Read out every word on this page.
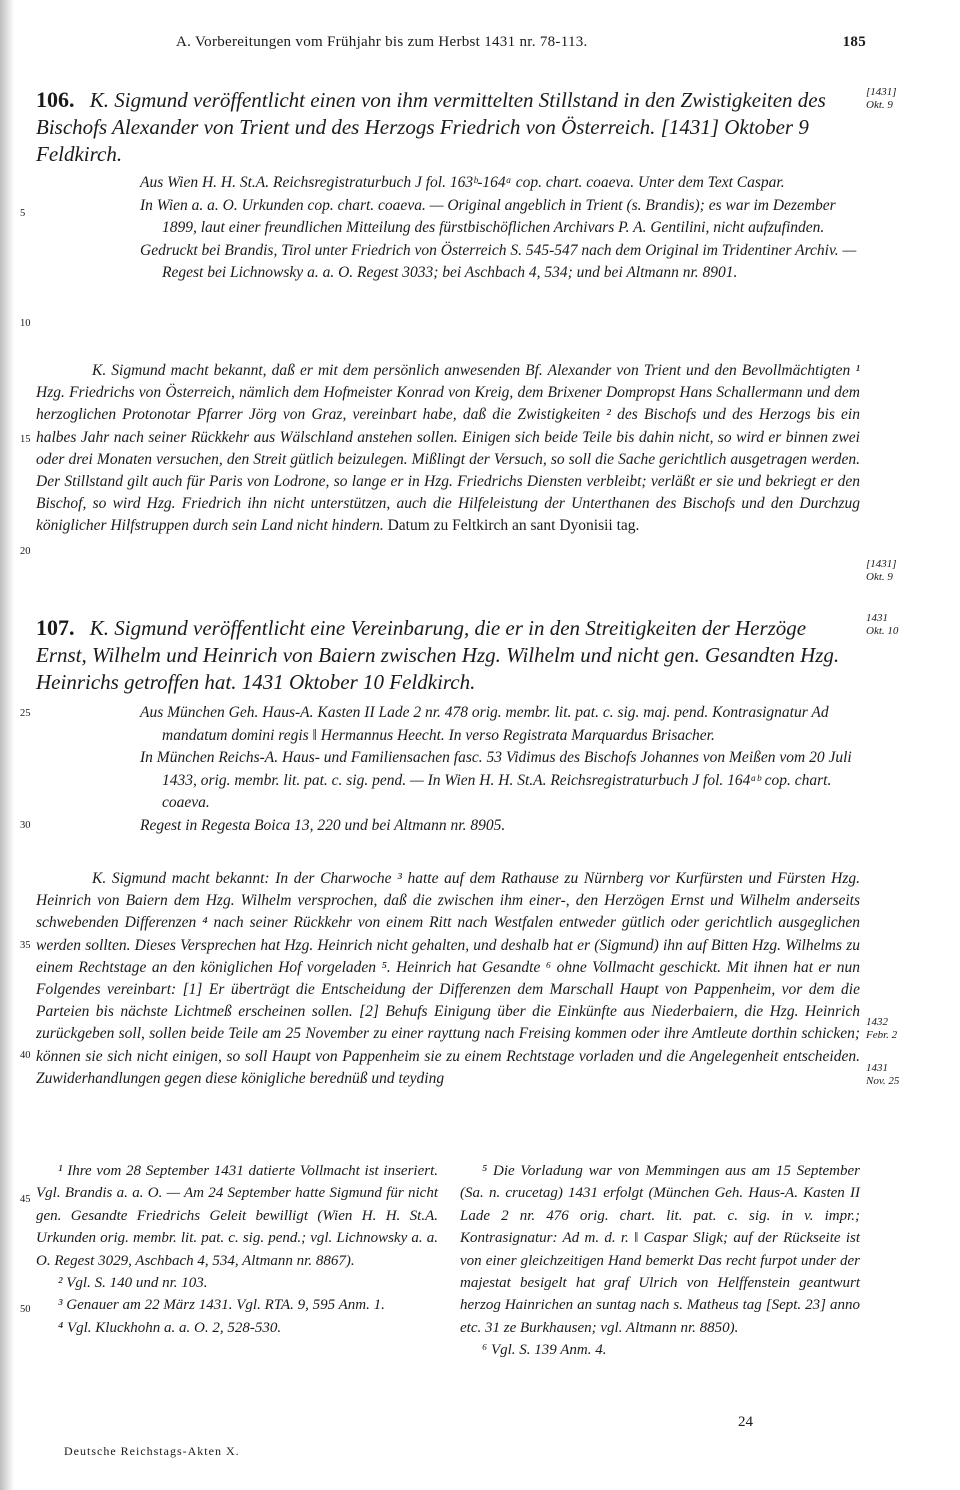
A. Vorbereitungen vom Frühjahr bis zum Herbst 1431 nr. 78-113.	185
106. K. Sigmund veröffentlicht einen von ihm vermittelten Stillstand in den Zwistigkeiten des Bischofs Alexander von Trient und des Herzogs Friedrich von Österreich. [1431] Oktober 9 Feldkirch.
[1431]
Okt. 9

Aus Wien H. H. St.A. Reichsregistraturbuch J fol. 163ᵇ-164ᵃ cop. chart. coaeva. Unter dem Text Caspar.

In Wien a. a. O. Urkunden cop. chart. coaeva. — Original angeblich in Trient (s. Brandis); es war im Dezember 1899, laut einer freundlichen Mitteilung des fürstbischöflichen Archivars P. A. Gentilini, nicht aufzufinden.

Gedruckt bei Brandis, Tirol unter Friedrich von Österreich S. 545-547 nach dem Original im Tridentiner Archiv. — Regest bei Lichnowsky a. a. O. Regest 3033; bei Aschbach 4, 534; und bei Altmann nr. 8901.

K. Sigmund macht bekannt, daß er mit dem persönlich anwesenden Bf. Alexander von Trient und den Bevollmächtigten ¹ Hzg. Friedrichs von Österreich, nämlich dem Hofmeister Konrad von Kreig, dem Brixener Dompropst Hans Schallermann und dem herzoglichen Protonotar Pfarrer Jörg von Graz, vereinbart habe, daß die Zwistigkeiten ² des Bischofs und des Herzogs bis ein halbes Jahr nach seiner Rückkehr aus Wälschland anstehen sollen. Einigen sich beide Teile bis dahin nicht, so wird er binnen zwei oder drei Monaten versuchen, den Streit gütlich beizulegen. Mißlingt der Versuch, so soll die Sache gerichtlich ausgetragen werden. Der Stillstand gilt auch für Paris von Lodrone, so lange er in Hzg. Friedrichs Diensten verbleibt; verläßt er sie und bekriegt er den Bischof, so wird Hzg. Friedrich ihn nicht unterstützen, auch die Hilfeleistung der Unterthanen des Bischofs und den Durchzug königlicher Hilfstruppen durch sein Land nicht hindern. Datum zu Feltkirch an sant Dyonisii tag.

[1431]
Okt. 9
107. K. Sigmund veröffentlicht eine Vereinbarung, die er in den Streitigkeiten der Herzöge Ernst, Wilhelm und Heinrich von Baiern zwischen Hzg. Wilhelm und nicht gen. Gesandten Hzg. Heinrichs getroffen hat. 1431 Oktober 10 Feldkirch.
1431
Okt. 10

Aus München Geh. Haus-A. Kasten II Lade 2 nr. 478 orig. membr. lit. pat. c. sig. maj. pend. Kontrasignatur Ad mandatum domini regis ‖ Hermannus Heecht. In verso Registrata Marquardus Brisacher.

In München Reichs-A. Haus- und Familiensachen fasc. 53 Vidimus des Bischofs Johannes von Meißen vom 20 Juli 1433, orig. membr. lit. pat. c. sig. pend. — In Wien H. H. St.A. Reichsregistraturbuch J fol. 164ᵃᵇ cop. chart. coaeva.

Regest in Regesta Boica 13, 220 und bei Altmann nr. 8905.

K. Sigmund macht bekannt: In der Charwoche ³ hatte auf dem Rathause zu Nürnberg vor Kurfürsten und Fürsten Hzg. Heinrich von Baiern dem Hzg. Wilhelm versprochen, daß die zwischen ihm einer-, den Herzögen Ernst und Wilhelm anderseits schwebenden Differenzen ⁴ nach seiner Rückkehr von einem Ritt nach Westfalen entweder gütlich oder gerichtlich ausgeglichen werden sollten. Dieses Versprechen hat Hzg. Heinrich nicht gehalten, und deshalb hat er (Sigmund) ihn auf Bitten Hzg. Wilhelms zu einem Rechtstage an den königlichen Hof vorgeladen ⁵. Heinrich hat Gesandte ⁶ ohne Vollmacht geschickt. Mit ihnen hat er nun Folgendes vereinbart: [1] Er überträgt die Entscheidung der Differenzen dem Marschall Haupt von Pappenheim, vor dem die Parteien bis nächste Lichtmeß erscheinen sollen. [2] Behufs Einigung über die Einkünfte aus Niederbaiern, die Hzg. Heinrich zurückgeben soll, sollen beide Teile am 25 November zu einer rayttung nach Freising kommen oder ihre Amtleute dorthin schicken; können sie sich nicht einigen, so soll Haupt von Pappenheim sie zu einem Rechtstage vorladen und die Angelegenheit entscheiden. Zuwiderhandlungen gegen diese königliche berednüß und teyding

1432
Febr. 2
1431
Nov. 25
5
10
15
20
25
30
35
40
45
50

¹ Ihre vom 28 September 1431 datierte Vollmacht ist inseriert. Vgl. Brandis a. a. O. — Am 24 September hatte Sigmund für nicht gen. Gesandte Friedrichs Geleit bewilligt (Wien H. H. St.A. Urkunden orig. membr. lit. pat. c. sig. pend.; vgl. Lichnowsky a. a. O. Regest 3029, Aschbach 4, 534, Altmann nr. 8867).

² Vgl. S. 140 und nr. 103.

³ Genauer am 22 März 1431. Vgl. RTA. 9, 595 Anm. 1.

⁴ Vgl. Kluckhohn a. a. O. 2, 528-530.

⁵ Die Vorladung war von Memmingen aus am 15 September (Sa. n. crucetag) 1431 erfolgt (München Geh. Haus-A. Kasten II Lade 2 nr. 476 orig. chart. lit. pat. c. sig. in v. impr.; Kontrasignatur: Ad m. d. r. ‖ Caspar Sligk; auf der Rückseite ist von einer gleichzeitigen Hand bemerkt Das recht furpot under der majestat besigelt hat graf Ulrich von Helffenstein geantwurt herzog Hainrichen an suntag nach s. Matheus tag [Sept. 23] anno etc. 31 ze Burkhausen; vgl. Altmann nr. 8850).

⁶ Vgl. S. 139 Anm. 4.

24
Deutsche Reichstags-Akten X.
